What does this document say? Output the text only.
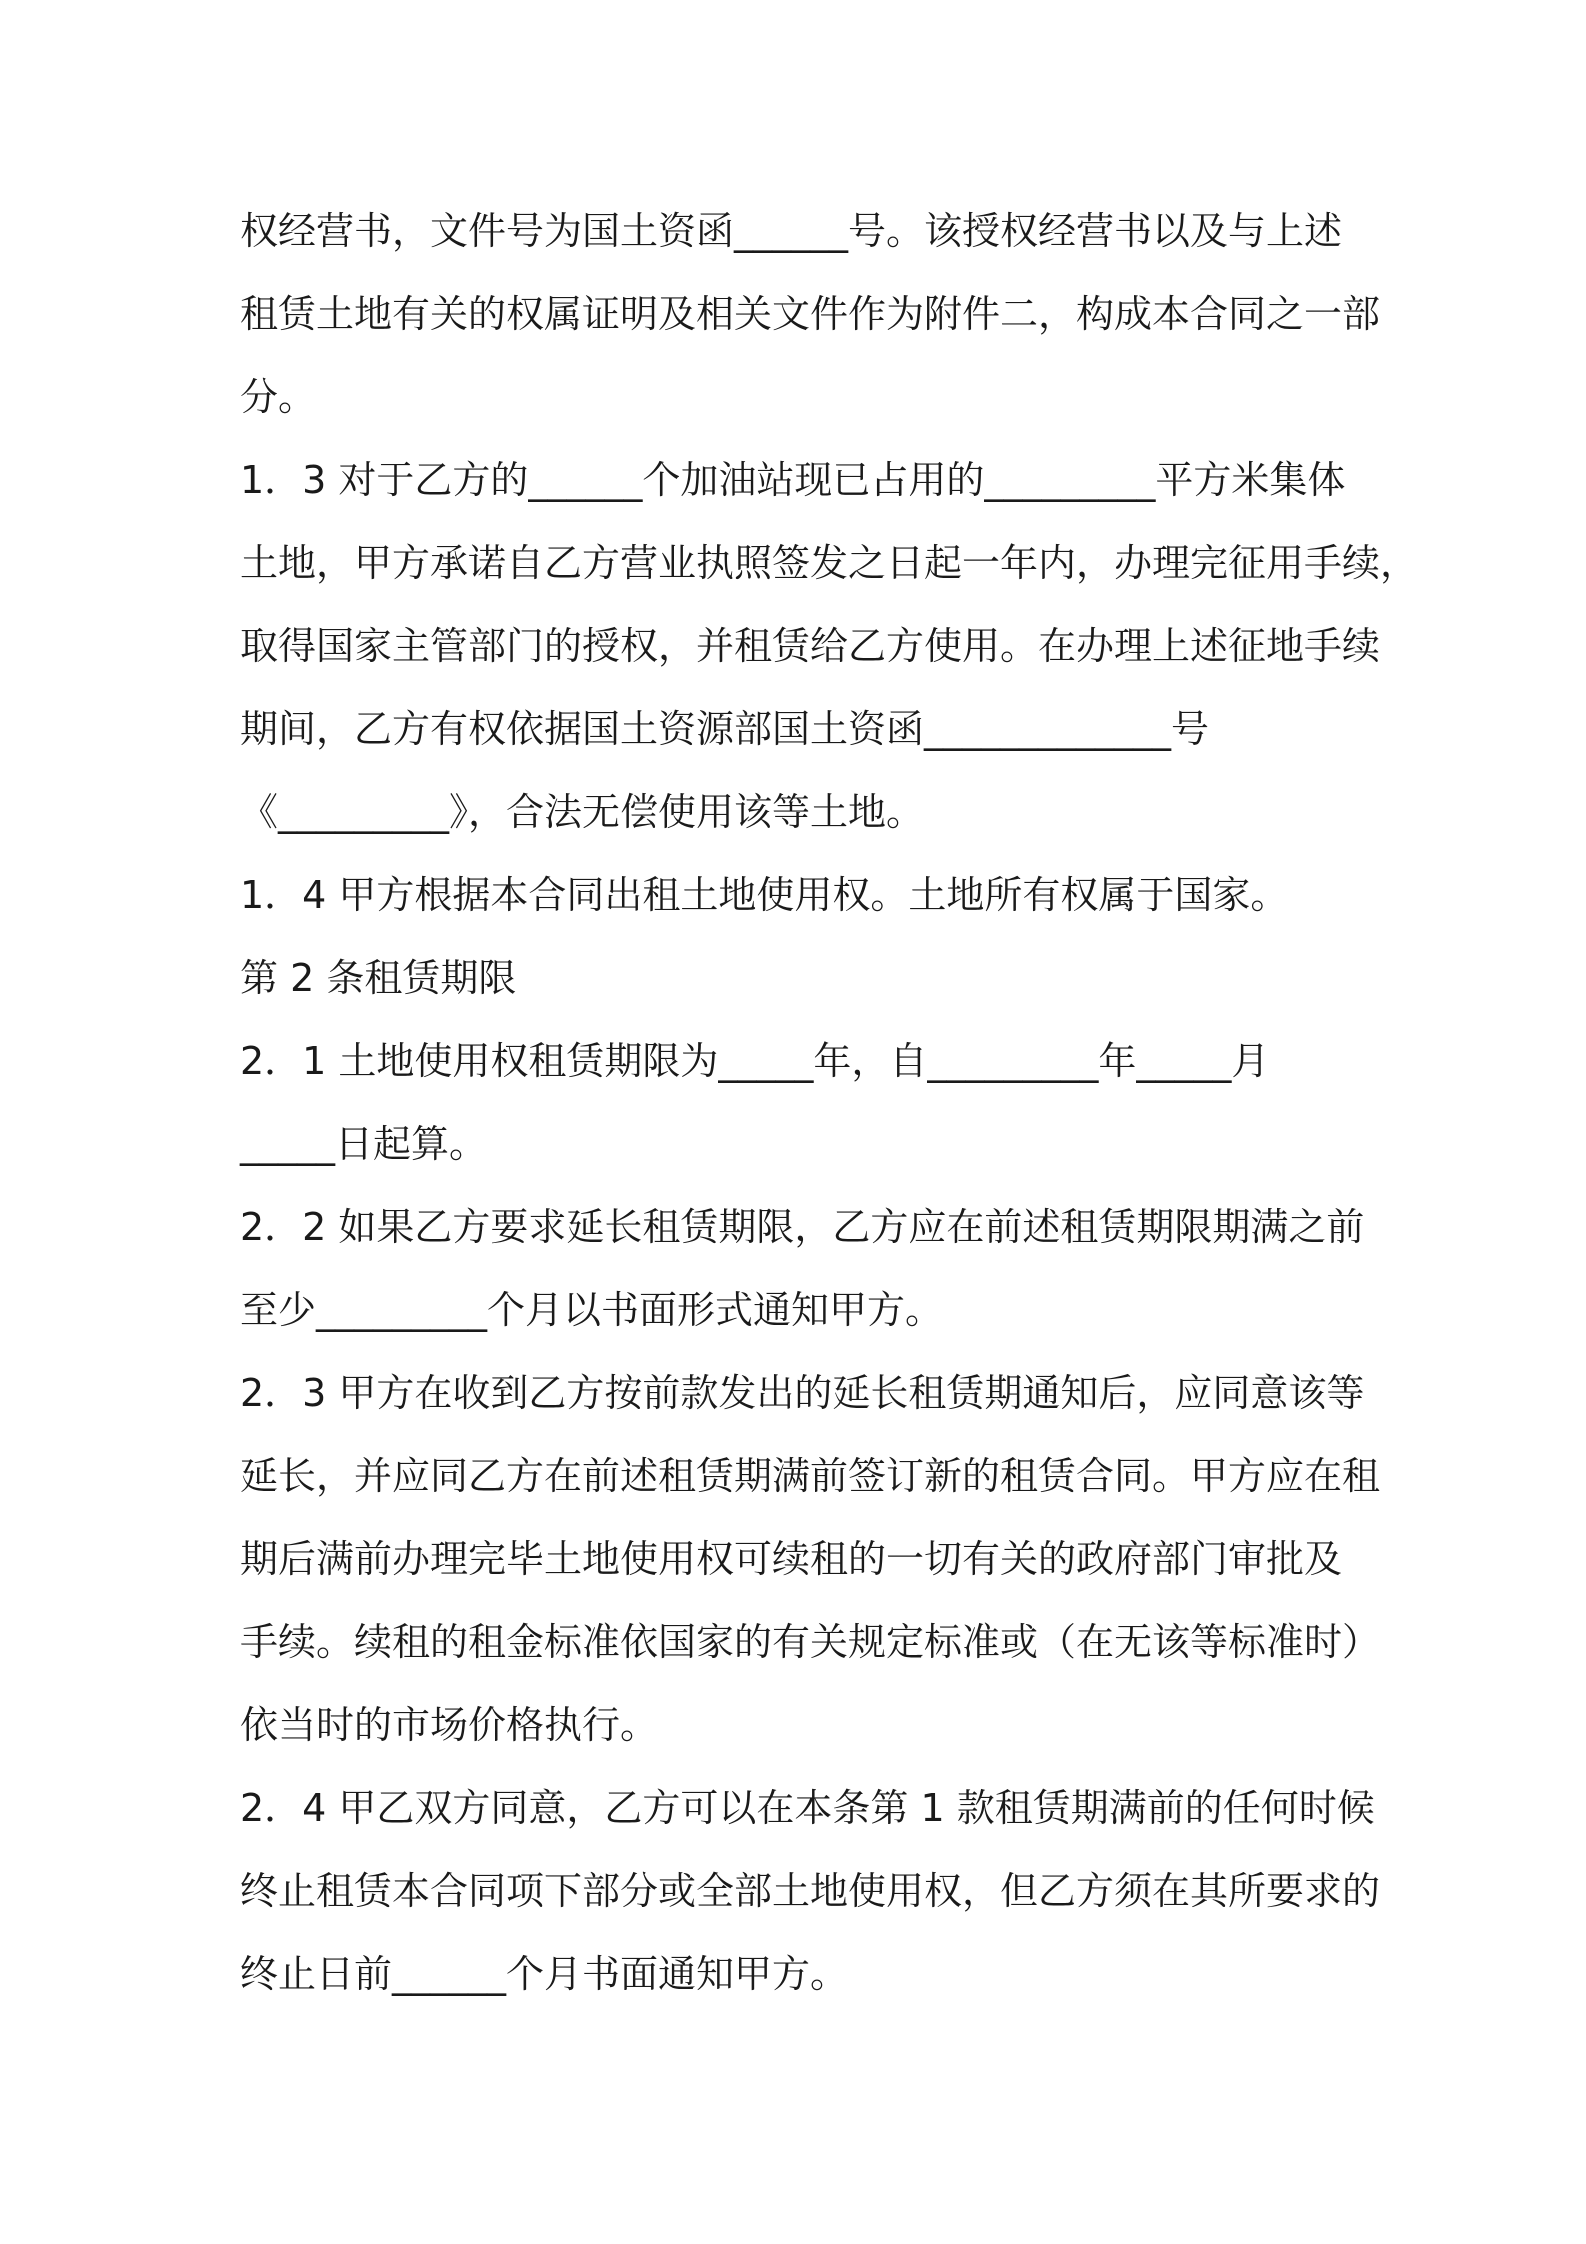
权经营书，文件号为国土资函______号。该授权经营书以及与上述
租赁土地有关的权属证明及相关文件作为附件二，构成本合同之一部
分。
1．3 对于乙方的______个加油站现已占用的_________平方米集体
土地，甲方承诺自乙方营业执照签发之日起一年内，办理完征用手续，
取得国家主管部门的授权，并租赁给乙方使用。在办理上述征地手续
期间，乙方有权依据国土资源部国土资函_____________号
《_________》，合法无偿使用该等土地。
1．4 甲方根据本合同出租土地使用权。土地所有权属于国家。
第 2 条租赁期限
2．1 土地使用权租赁期限为_____年，自_________年_____月
_____日起算。
2．2 如果乙方要求延长租赁期限，乙方应在前述租赁期限期满之前
至少_________个月以书面形式通知甲方。
2．3 甲方在收到乙方按前款发出的延长租赁期通知后，应同意该等
延长，并应同乙方在前述租赁期满前签订新的租赁合同。甲方应在租
期后满前办理完毕土地使用权可续租的一切有关的政府部门审批及
手续。续租的租金标准依国家的有关规定标准或（在无该等标准时）
依当时的市场价格执行。
2．4 甲乙双方同意，乙方可以在本条第 1 款租赁期满前的任何时候
终止租赁本合同项下部分或全部土地使用权，但乙方须在其所要求的
终止日前______个月书面通知甲方。
